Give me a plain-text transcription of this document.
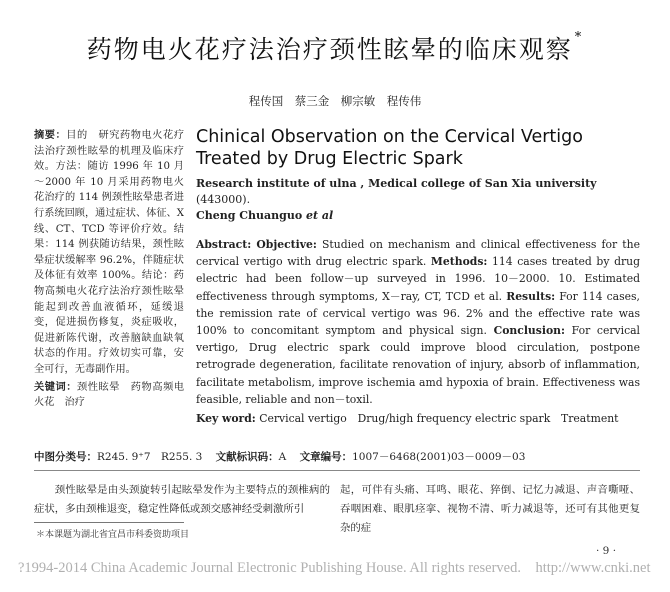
药物电火花疗法治疗颈性眩晕的临床观察 *
程传国　蔡三金　柳宗敏　程传伟

摘要：目的　研究药物电火花疗法治疗颈性眩晕的机理及临床疗效。方法：随访 1996 年 10 月～2000 年 10 月采用药物电火花治疗的 114 例颈性眩晕患者进行系统回顾，通过症状、体征、X 线、CT、TCD 等评价疗效。结果：114 例获随访结果，颈性眩晕症状缓解率 96.2%，伴随症状及体征有效率 100%。结论：药物高频电火花疗法治疗颈性眩晕能起到改善血液循环，延缓退变，促进损伤修复，炎症吸收，促进新陈代谢，改善脑缺血缺氧状态的作用。疗效切实可靠，安全可行，无毒副作用。

关键词：颈性眩晕　药物高频电火花　治疗

Chinical Observation on the Cervical Vertigo Treated by Drug Electric Spark

Research institute of ulna , Medical college of San Xia university (443000).

Cheng Chuanguo et al

Abstract: Objective: Studied on mechanism and clinical effectiveness for the cervical vertigo with drug electric spark. Methods: 114 cases treated by drug electric had been follow－up surveyed in 1996. 10－2000. 10. Estimated effectiveness through symptoms, X－ray, CT, TCD et al. Results: For 114 cases, the remission rate of cervical vertigo was 96. 2% and the effective rate was 100% to concomitant symptom and physical sign. Conclusion: For cervical vertigo, Drug electric spark could improve blood circulation, postpone retrograde degeneration, facilitate renovation of injury, absorb of inflammation, facilitate metabolism, improve ischemia amd hypoxia of brain. Effectiveness was feasible, reliable and non－toxil.

Key word: Cervical vertigo　Drug/high frequency electric spark　Treatment

中图分类号：R245. 9⁺7　R255. 3 文献标识码：A 文章编号：1007－6468(2001)03－0009－03
颈性眩晕是由头颈旋转引起眩晕发作为主要特点的颈椎病的症状，多由颈椎退变，稳定性降低或颈交感神经受刺激所引
起，可伴有头痛、耳鸣、眼花、猝倒、记忆力减退、声音嘶哑、吞咽困难、眼肌痉挛、视物不清、听力减退等，还可有其他更复杂的症
＊本课题为湖北省宜昌市科委资助项目
· 9 ·
?1994-2014 China Academic Journal Electronic Publishing House. All rights reserved.　http://www.cnki.net
